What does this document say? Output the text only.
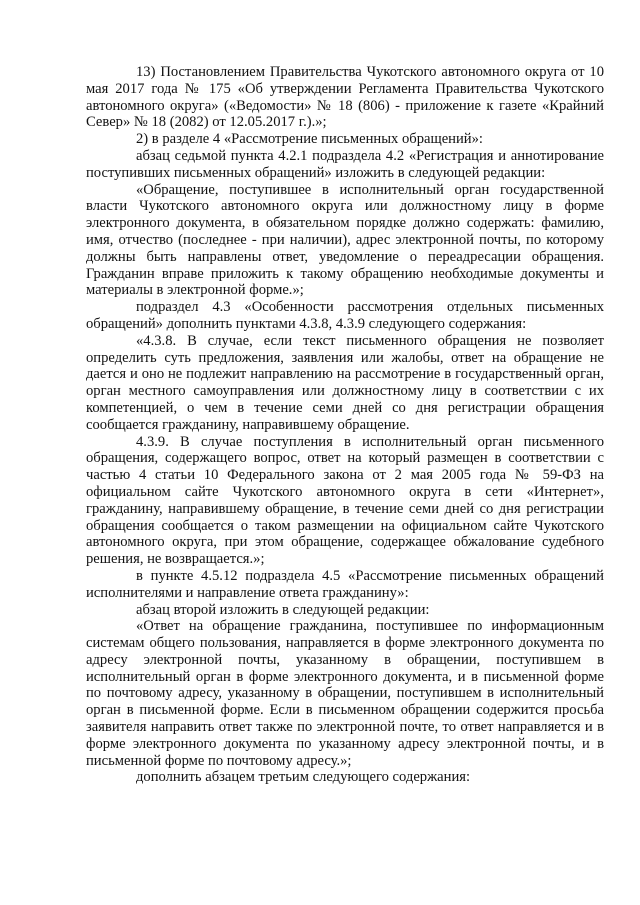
13) Постановлением Правительства Чукотского автономного округа от 10 мая 2017 года № 175 «Об утверждении Регламента Правительства Чукотского автономного округа» («Ведомости» № 18 (806) - приложение к газете «Крайний Север» № 18 (2082) от 12.05.2017 г.).»;

2) в разделе 4 «Рассмотрение письменных обращений»:

абзац седьмой пункта 4.2.1 подраздела 4.2 «Регистрация и аннотирование поступивших письменных обращений» изложить в следующей редакции:

«Обращение, поступившее в исполнительный орган государственной власти Чукотского автономного округа или должностному лицу в форме электронного документа, в обязательном порядке должно содержать: фамилию, имя, отчество (последнее - при наличии), адрес электронной почты, по которому должны быть направлены ответ, уведомление о переадресации обращения. Гражданин вправе приложить к такому обращению необходимые документы и материалы в электронной форме.»;

подраздел 4.3 «Особенности рассмотрения отдельных письменных обращений» дополнить пунктами 4.3.8, 4.3.9 следующего содержания:

«4.3.8. В случае, если текст письменного обращения не позволяет определить суть предложения, заявления или жалобы, ответ на обращение не дается и оно не подлежит направлению на рассмотрение в государственный орган, орган местного самоуправления или должностному лицу в соответствии с их компетенцией, о чем в течение семи дней со дня регистрации обращения сообщается гражданину, направившему обращение.

4.3.9. В случае поступления в исполнительный орган письменного обращения, содержащего вопрос, ответ на который размещен в соответствии с частью 4 статьи 10 Федерального закона от 2 мая 2005 года № 59-ФЗ на официальном сайте Чукотского автономного округа в сети «Интернет», гражданину, направившему обращение, в течение семи дней со дня регистрации обращения сообщается о таком размещении на официальном сайте Чукотского автономного округа, при этом обращение, содержащее обжалование судебного решения, не возвращается.»;

в пункте 4.5.12 подраздела 4.5 «Рассмотрение письменных обращений исполнителями и направление ответа гражданину»:

абзац второй изложить в следующей редакции:

«Ответ на обращение гражданина, поступившее по информационным системам общего пользования, направляется в форме электронного документа по адресу электронной почты, указанному в обращении, поступившем в исполнительный орган в форме электронного документа, и в письменной форме по почтовому адресу, указанному в обращении, поступившем в исполнительный орган в письменной форме. Если в письменном обращении содержится просьба заявителя направить ответ также по электронной почте, то ответ направляется и в форме электронного документа по указанному адресу электронной почты, и в письменной форме по почтовому адресу.»;

дополнить абзацем третьим следующего содержания:
